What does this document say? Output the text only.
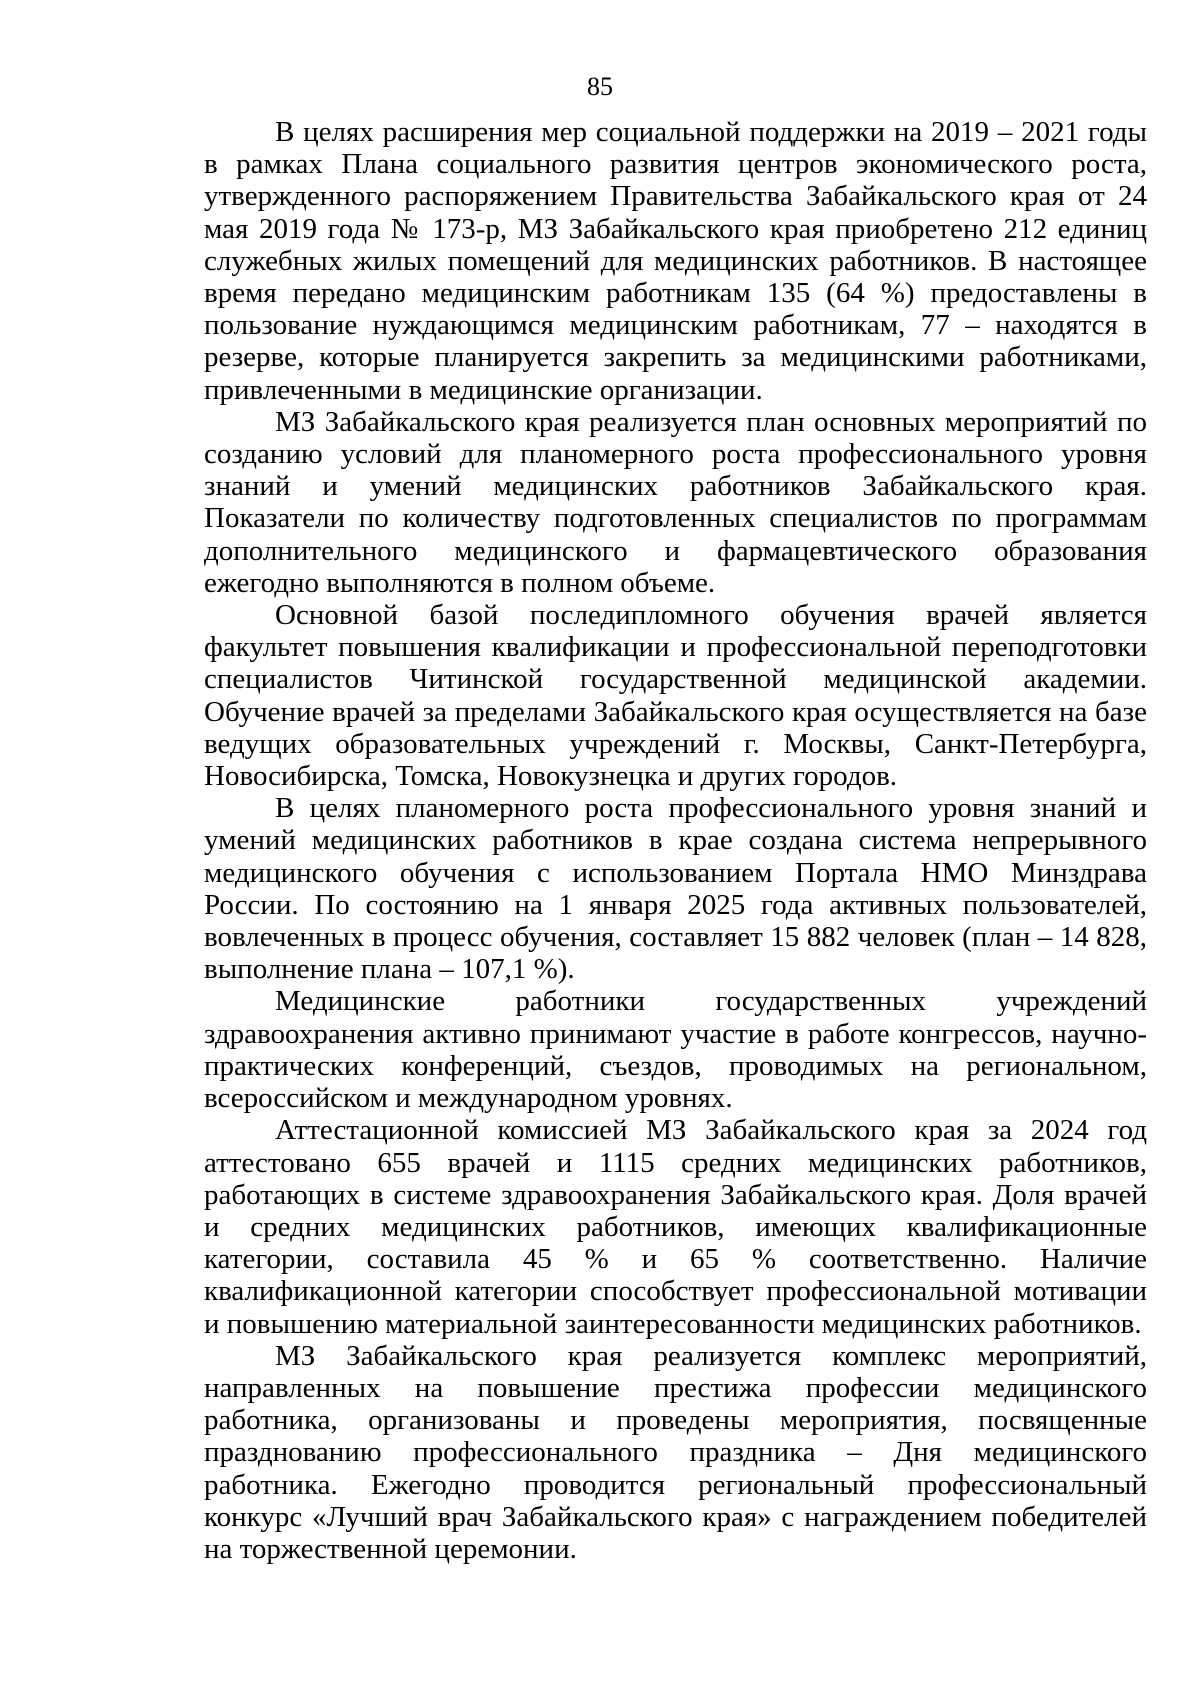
85

В целях расширения мер социальной поддержки на 2019 – 2021 годы в рамках Плана социального развития центров экономического роста, утвержденного распоряжением Правительства Забайкальского края от 24 мая 2019 года № 173-р, МЗ Забайкальского края приобретено 212 единиц служебных жилых помещений для медицинских работников. В настоящее время передано медицинским работникам 135 (64 %) предоставлены в пользование нуждающимся медицинским работникам, 77 – находятся в резерве, которые планируется закрепить за медицинскими работниками, привлеченными в медицинские организации.

МЗ Забайкальского края реализуется план основных мероприятий по созданию условий для планомерного роста профессионального уровня знаний и умений медицинских работников Забайкальского края. Показатели по количеству подготовленных специалистов по программам дополнительного медицинского и фармацевтического образования ежегодно выполняются в полном объеме.

Основной базой последипломного обучения врачей является факультет повышения квалификации и профессиональной переподготовки специалистов Читинской государственной медицинской академии. Обучение врачей за пределами Забайкальского края осуществляется на базе ведущих образовательных учреждений г. Москвы, Санкт-Петербурга, Новосибирска, Томска, Новокузнецка и других городов.

В целях планомерного роста профессионального уровня знаний и умений медицинских работников в крае создана система непрерывного медицинского обучения с использованием Портала НМО Минздрава России. По состоянию на 1 января 2025 года активных пользователей, вовлеченных в процесс обучения, составляет 15 882 человек (план – 14 828, выполнение плана – 107,1 %).

Медицинские работники государственных учреждений здравоохранения активно принимают участие в работе конгрессов, научно-практических конференций, съездов, проводимых на региональном, всероссийском и международном уровнях.

Аттестационной комиссией МЗ Забайкальского края за 2024 год аттестовано 655 врачей и 1115 средних медицинских работников, работающих в системе здравоохранения Забайкальского края. Доля врачей и средних медицинских работников, имеющих квалификационные категории, составила 45 % и 65 % соответственно. Наличие квалификационной категории способствует профессиональной мотивации и повышению материальной заинтересованности медицинских работников.

МЗ Забайкальского края реализуется комплекс мероприятий, направленных на повышение престижа профессии медицинского работника, организованы и проведены мероприятия, посвященные празднованию профессионального праздника – Дня медицинского работника. Ежегодно проводится региональный профессиональный конкурс «Лучший врач Забайкальского края» с награждением победителей на торжественной церемонии.
